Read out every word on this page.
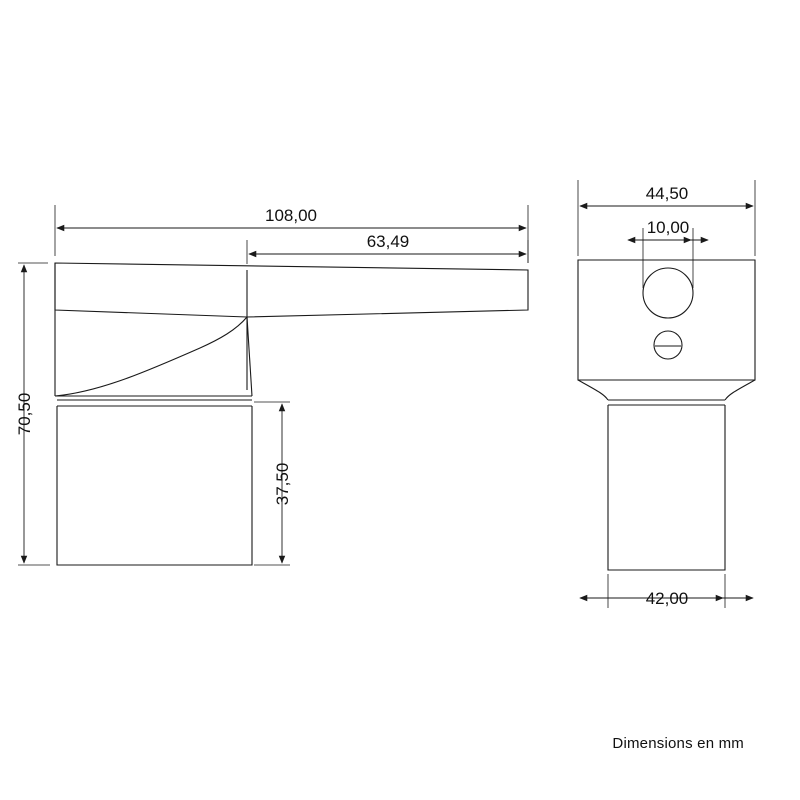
108,00
63,49
70,50
37,50
44,50
10,00
42,00
Dimensions en mm
